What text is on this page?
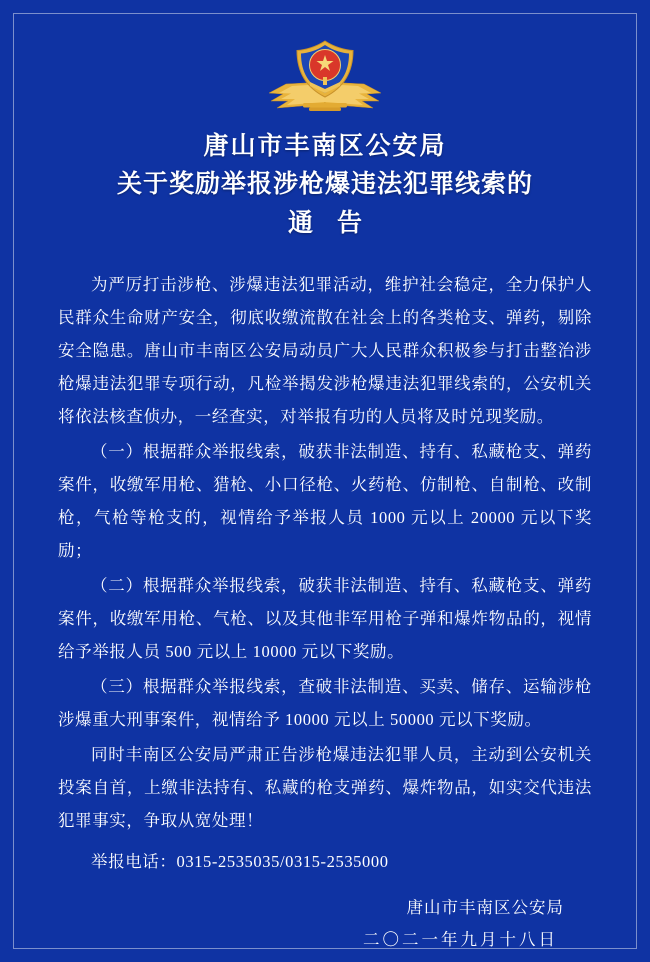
唐山市丰南区公安局
关于奖励举报涉枪爆违法犯罪线索的
通告

为严厉打击涉枪、涉爆违法犯罪活动，维护社会稳定，全力保护人民群众生命财产安全，彻底收缴流散在社会上的各类枪支、弹药，剔除安全隐患。唐山市丰南区公安局动员广大人民群众积极参与打击整治涉枪爆违法犯罪专项行动，凡检举揭发涉枪爆违法犯罪线索的，公安机关将依法核查侦办，一经查实，对举报有功的人员将及时兑现奖励。

（一）根据群众举报线索，破获非法制造、持有、私藏枪支、弹药案件，收缴军用枪、猎枪、小口径枪、火药枪、仿制枪、自制枪、改制枪，气枪等枪支的，视情给予举报人员 1000 元以上 20000 元以下奖励；

（二）根据群众举报线索，破获非法制造、持有、私藏枪支、弹药案件，收缴军用枪、气枪、以及其他非军用枪子弹和爆炸物品的，视情给予举报人员 500 元以上 10000 元以下奖励。

（三）根据群众举报线索，查破非法制造、买卖、储存、运输涉枪涉爆重大刑事案件，视情给予 10000 元以上 50000 元以下奖励。

同时丰南区公安局严肃正告涉枪爆违法犯罪人员，主动到公安机关投案自首，上缴非法持有、私藏的枪支弹药、爆炸物品，如实交代违法犯罪事实，争取从宽处理！

举报电话：0315-2535035/0315-2535000

唐山市丰南区公安局
二〇二一年九月十八日
